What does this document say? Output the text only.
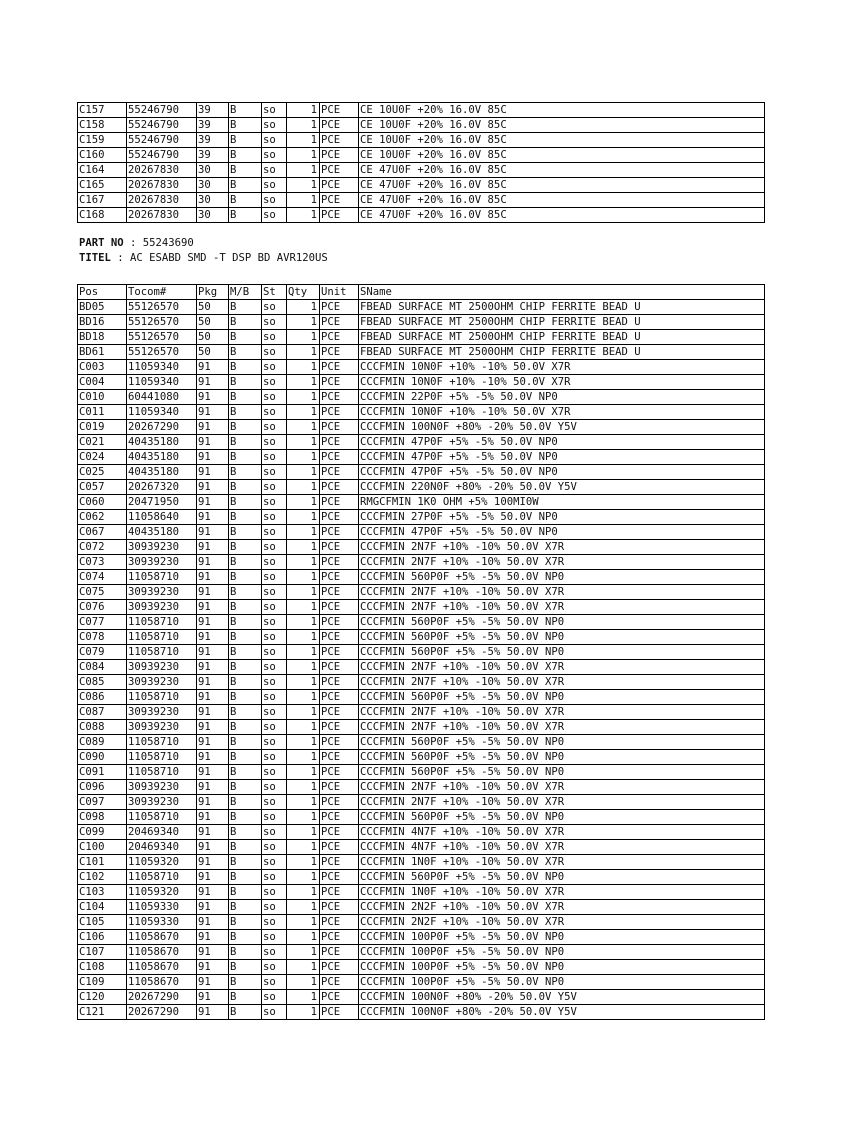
C157	55246790	39	B	so	1	PCE	CE 10U0F +20% 16.0V 85C
C158	55246790	39	B	so	1	PCE	CE 10U0F +20% 16.0V 85C
C159	55246790	39	B	so	1	PCE	CE 10U0F +20% 16.0V 85C
C160	55246790	39	B	so	1	PCE	CE 10U0F +20% 16.0V 85C
C164	20267830	30	B	so	1	PCE	CE 47U0F +20% 16.0V 85C
C165	20267830	30	B	so	1	PCE	CE 47U0F +20% 16.0V 85C
C167	20267830	30	B	so	1	PCE	CE 47U0F +20% 16.0V 85C
C168	20267830	30	B	so	1	PCE	CE 47U0F +20% 16.0V 85C
PART NO : 55243690
TITEL : AC ESABD SMD -T DSP BD AVR120US
Pos	Tocom#	Pkg	M/B	St	Qty	Unit	SName
BD05	55126570	50	B	so	1	PCE	FBEAD SURFACE MT 2500OHM CHIP FERRITE BEAD U
BD16	55126570	50	B	so	1	PCE	FBEAD SURFACE MT 2500OHM CHIP FERRITE BEAD U
BD18	55126570	50	B	so	1	PCE	FBEAD SURFACE MT 2500OHM CHIP FERRITE BEAD U
BD61	55126570	50	B	so	1	PCE	FBEAD SURFACE MT 2500OHM CHIP FERRITE BEAD U
C003	11059340	91	B	so	1	PCE	CCCFMIN 10N0F +10% -10% 50.0V X7R
C004	11059340	91	B	so	1	PCE	CCCFMIN 10N0F +10% -10% 50.0V X7R
C010	60441080	91	B	so	1	PCE	CCCFMIN 22P0F +5% -5% 50.0V NP0
C011	11059340	91	B	so	1	PCE	CCCFMIN 10N0F +10% -10% 50.0V X7R
C019	20267290	91	B	so	1	PCE	CCCFMIN 100N0F +80% -20% 50.0V Y5V
C021	40435180	91	B	so	1	PCE	CCCFMIN 47P0F +5% -5% 50.0V NP0
C024	40435180	91	B	so	1	PCE	CCCFMIN 47P0F +5% -5% 50.0V NP0
C025	40435180	91	B	so	1	PCE	CCCFMIN 47P0F +5% -5% 50.0V NP0
C057	20267320	91	B	so	1	PCE	CCCFMIN 220N0F +80% -20% 50.0V Y5V
C060	20471950	91	B	so	1	PCE	RMGCFMIN 1K0 OHM +5% 100MI0W
C062	11058640	91	B	so	1	PCE	CCCFMIN 27P0F +5% -5% 50.0V NP0
C067	40435180	91	B	so	1	PCE	CCCFMIN 47P0F +5% -5% 50.0V NP0
C072	30939230	91	B	so	1	PCE	CCCFMIN 2N7F +10% -10% 50.0V X7R
C073	30939230	91	B	so	1	PCE	CCCFMIN 2N7F +10% -10% 50.0V X7R
C074	11058710	91	B	so	1	PCE	CCCFMIN 560P0F +5% -5% 50.0V NP0
C075	30939230	91	B	so	1	PCE	CCCFMIN 2N7F +10% -10% 50.0V X7R
C076	30939230	91	B	so	1	PCE	CCCFMIN 2N7F +10% -10% 50.0V X7R
C077	11058710	91	B	so	1	PCE	CCCFMIN 560P0F +5% -5% 50.0V NP0
C078	11058710	91	B	so	1	PCE	CCCFMIN 560P0F +5% -5% 50.0V NP0
C079	11058710	91	B	so	1	PCE	CCCFMIN 560P0F +5% -5% 50.0V NP0
C084	30939230	91	B	so	1	PCE	CCCFMIN 2N7F +10% -10% 50.0V X7R
C085	30939230	91	B	so	1	PCE	CCCFMIN 2N7F +10% -10% 50.0V X7R
C086	11058710	91	B	so	1	PCE	CCCFMIN 560P0F +5% -5% 50.0V NP0
C087	30939230	91	B	so	1	PCE	CCCFMIN 2N7F +10% -10% 50.0V X7R
C088	30939230	91	B	so	1	PCE	CCCFMIN 2N7F +10% -10% 50.0V X7R
C089	11058710	91	B	so	1	PCE	CCCFMIN 560P0F +5% -5% 50.0V NP0
C090	11058710	91	B	so	1	PCE	CCCFMIN 560P0F +5% -5% 50.0V NP0
C091	11058710	91	B	so	1	PCE	CCCFMIN 560P0F +5% -5% 50.0V NP0
C096	30939230	91	B	so	1	PCE	CCCFMIN 2N7F +10% -10% 50.0V X7R
C097	30939230	91	B	so	1	PCE	CCCFMIN 2N7F +10% -10% 50.0V X7R
C098	11058710	91	B	so	1	PCE	CCCFMIN 560P0F +5% -5% 50.0V NP0
C099	20469340	91	B	so	1	PCE	CCCFMIN 4N7F +10% -10% 50.0V X7R
C100	20469340	91	B	so	1	PCE	CCCFMIN 4N7F +10% -10% 50.0V X7R
C101	11059320	91	B	so	1	PCE	CCCFMIN 1N0F +10% -10% 50.0V X7R
C102	11058710	91	B	so	1	PCE	CCCFMIN 560P0F +5% -5% 50.0V NP0
C103	11059320	91	B	so	1	PCE	CCCFMIN 1N0F +10% -10% 50.0V X7R
C104	11059330	91	B	so	1	PCE	CCCFMIN 2N2F +10% -10% 50.0V X7R
C105	11059330	91	B	so	1	PCE	CCCFMIN 2N2F +10% -10% 50.0V X7R
C106	11058670	91	B	so	1	PCE	CCCFMIN 100P0F +5% -5% 50.0V NP0
C107	11058670	91	B	so	1	PCE	CCCFMIN 100P0F +5% -5% 50.0V NP0
C108	11058670	91	B	so	1	PCE	CCCFMIN 100P0F +5% -5% 50.0V NP0
C109	11058670	91	B	so	1	PCE	CCCFMIN 100P0F +5% -5% 50.0V NP0
C120	20267290	91	B	so	1	PCE	CCCFMIN 100N0F +80% -20% 50.0V Y5V
C121	20267290	91	B	so	1	PCE	CCCFMIN 100N0F +80% -20% 50.0V Y5V
